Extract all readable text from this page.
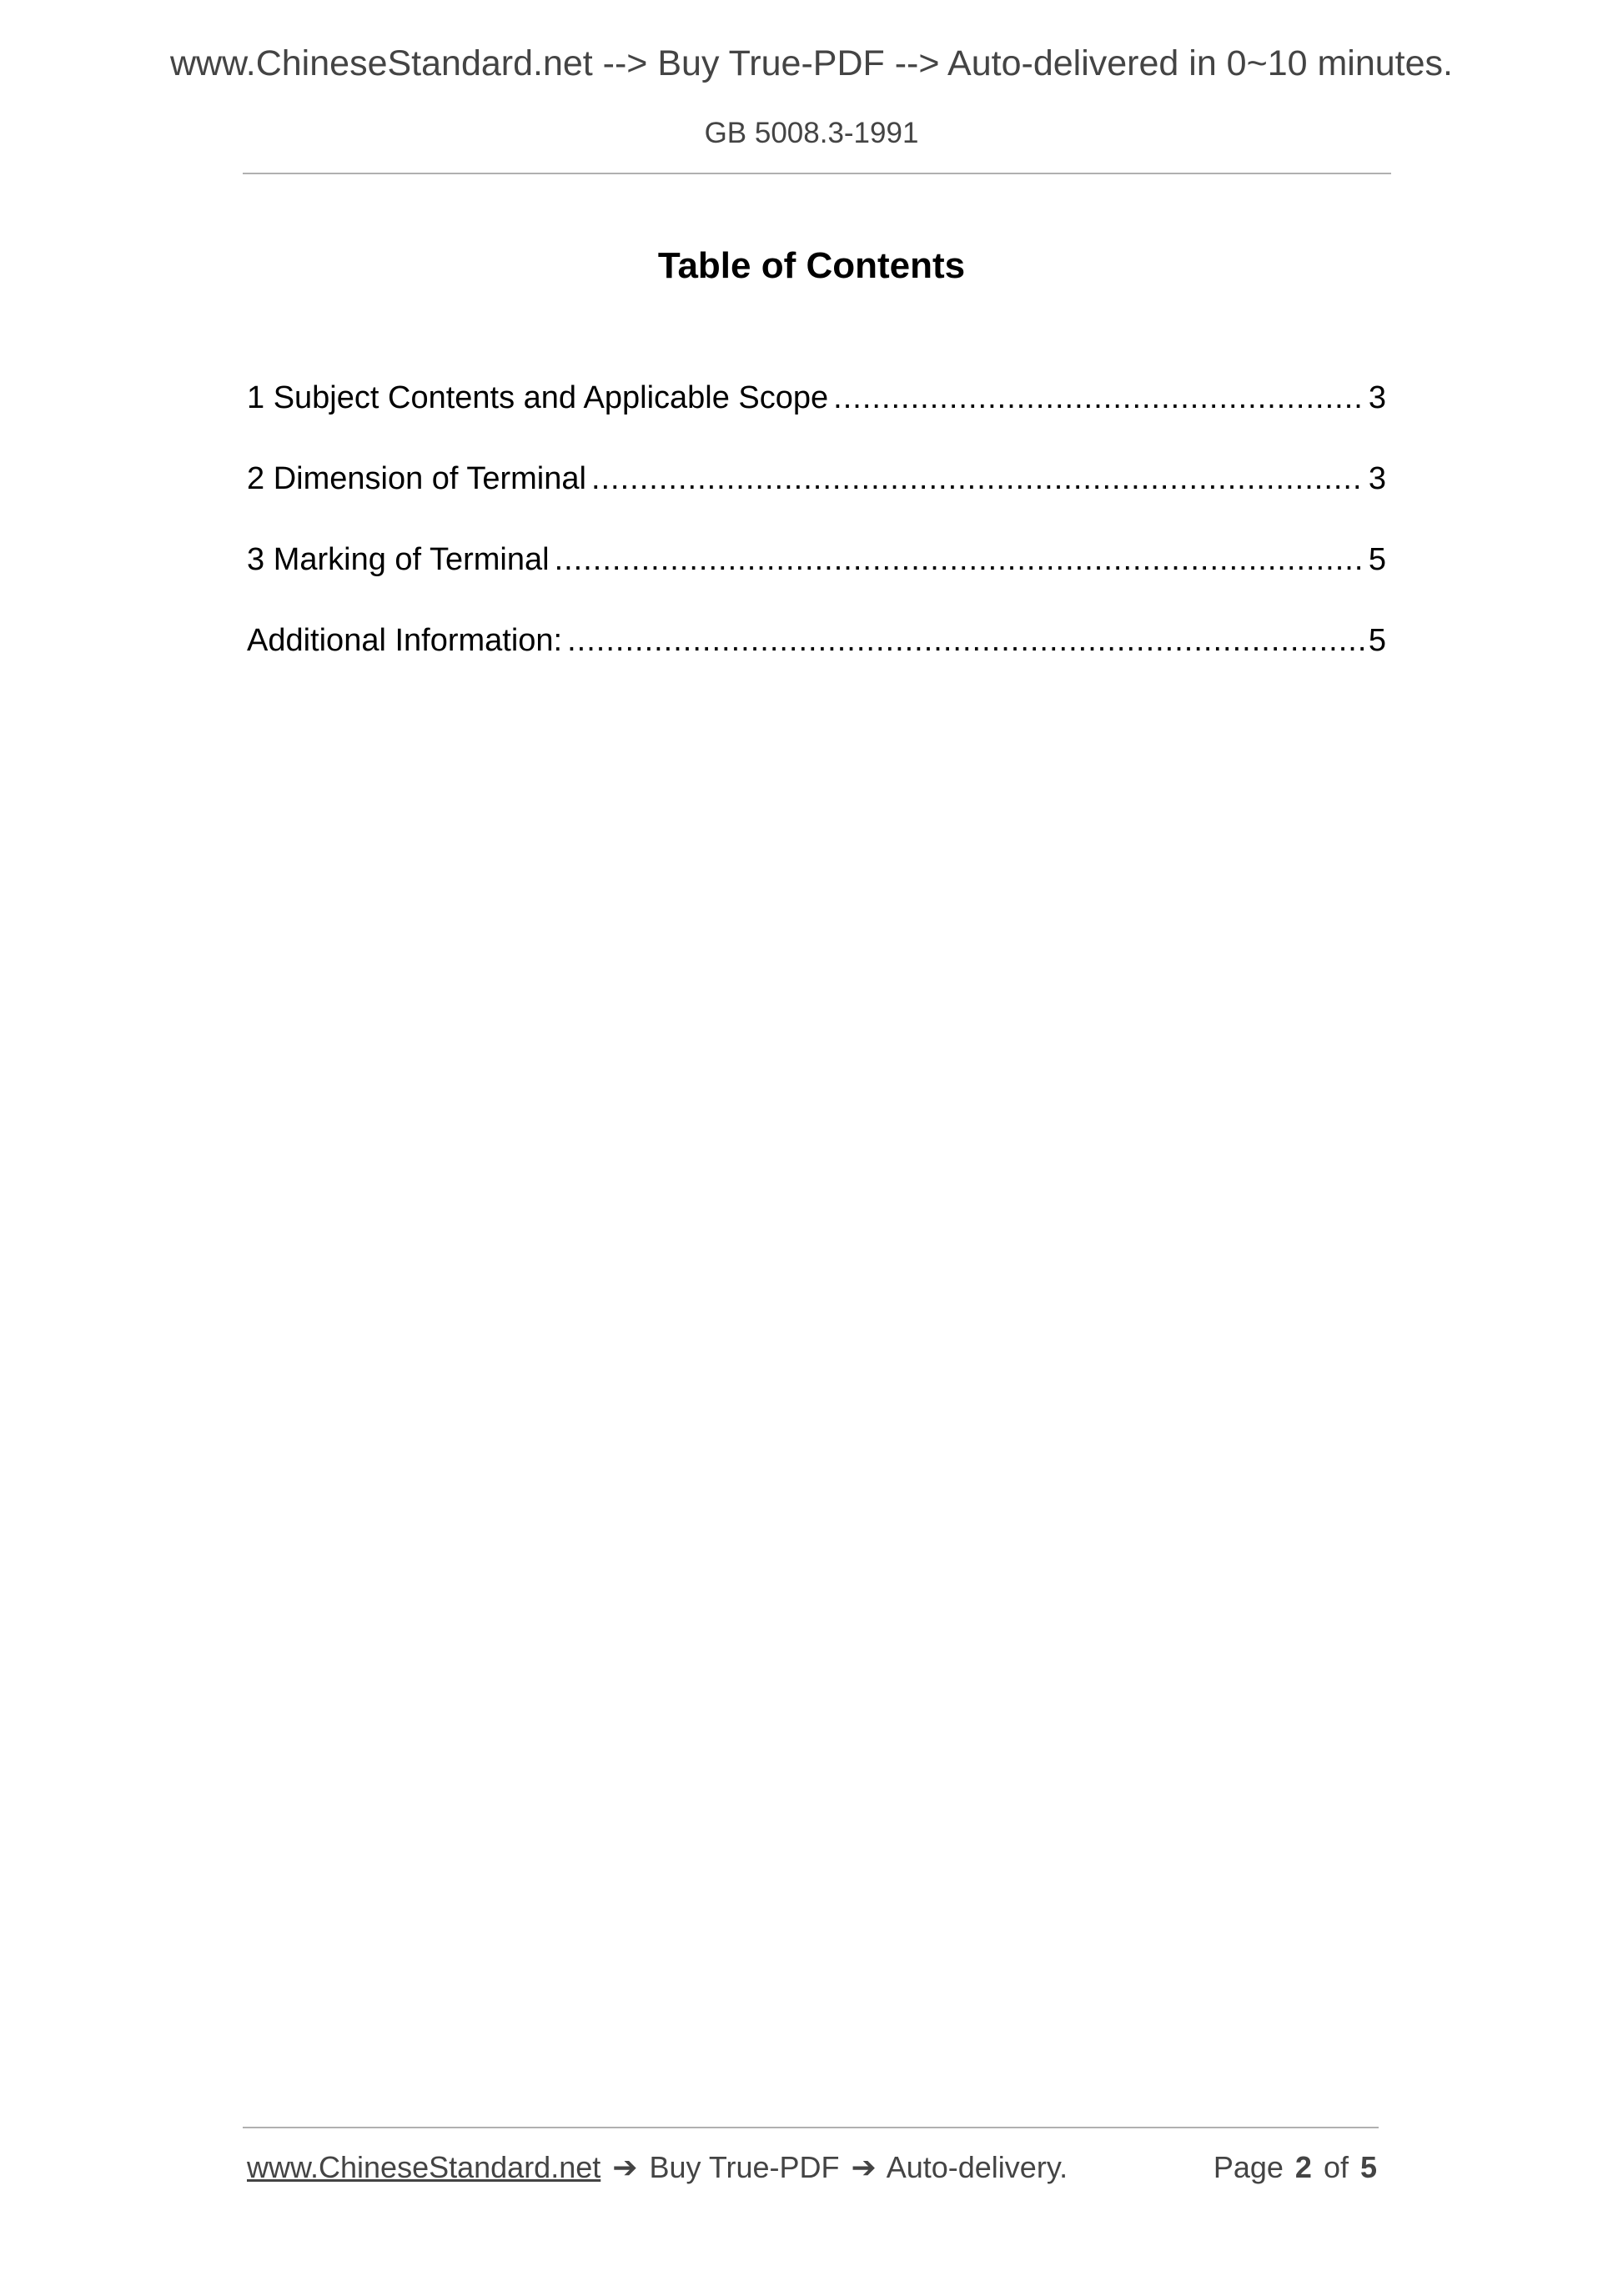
www.ChineseStandard.net --> Buy True-PDF --> Auto-delivered in 0~10 minutes.
GB 5008.3-1991
Table of Contents
1 Subject Contents and Applicable Scope .....	3
2 Dimension of Terminal .....	3
3 Marking of Terminal .....	5
Additional Information: .....	5
www.ChineseStandard.net ➔ Buy True-PDF ➔ Auto-delivery.	Page 2 of 5
